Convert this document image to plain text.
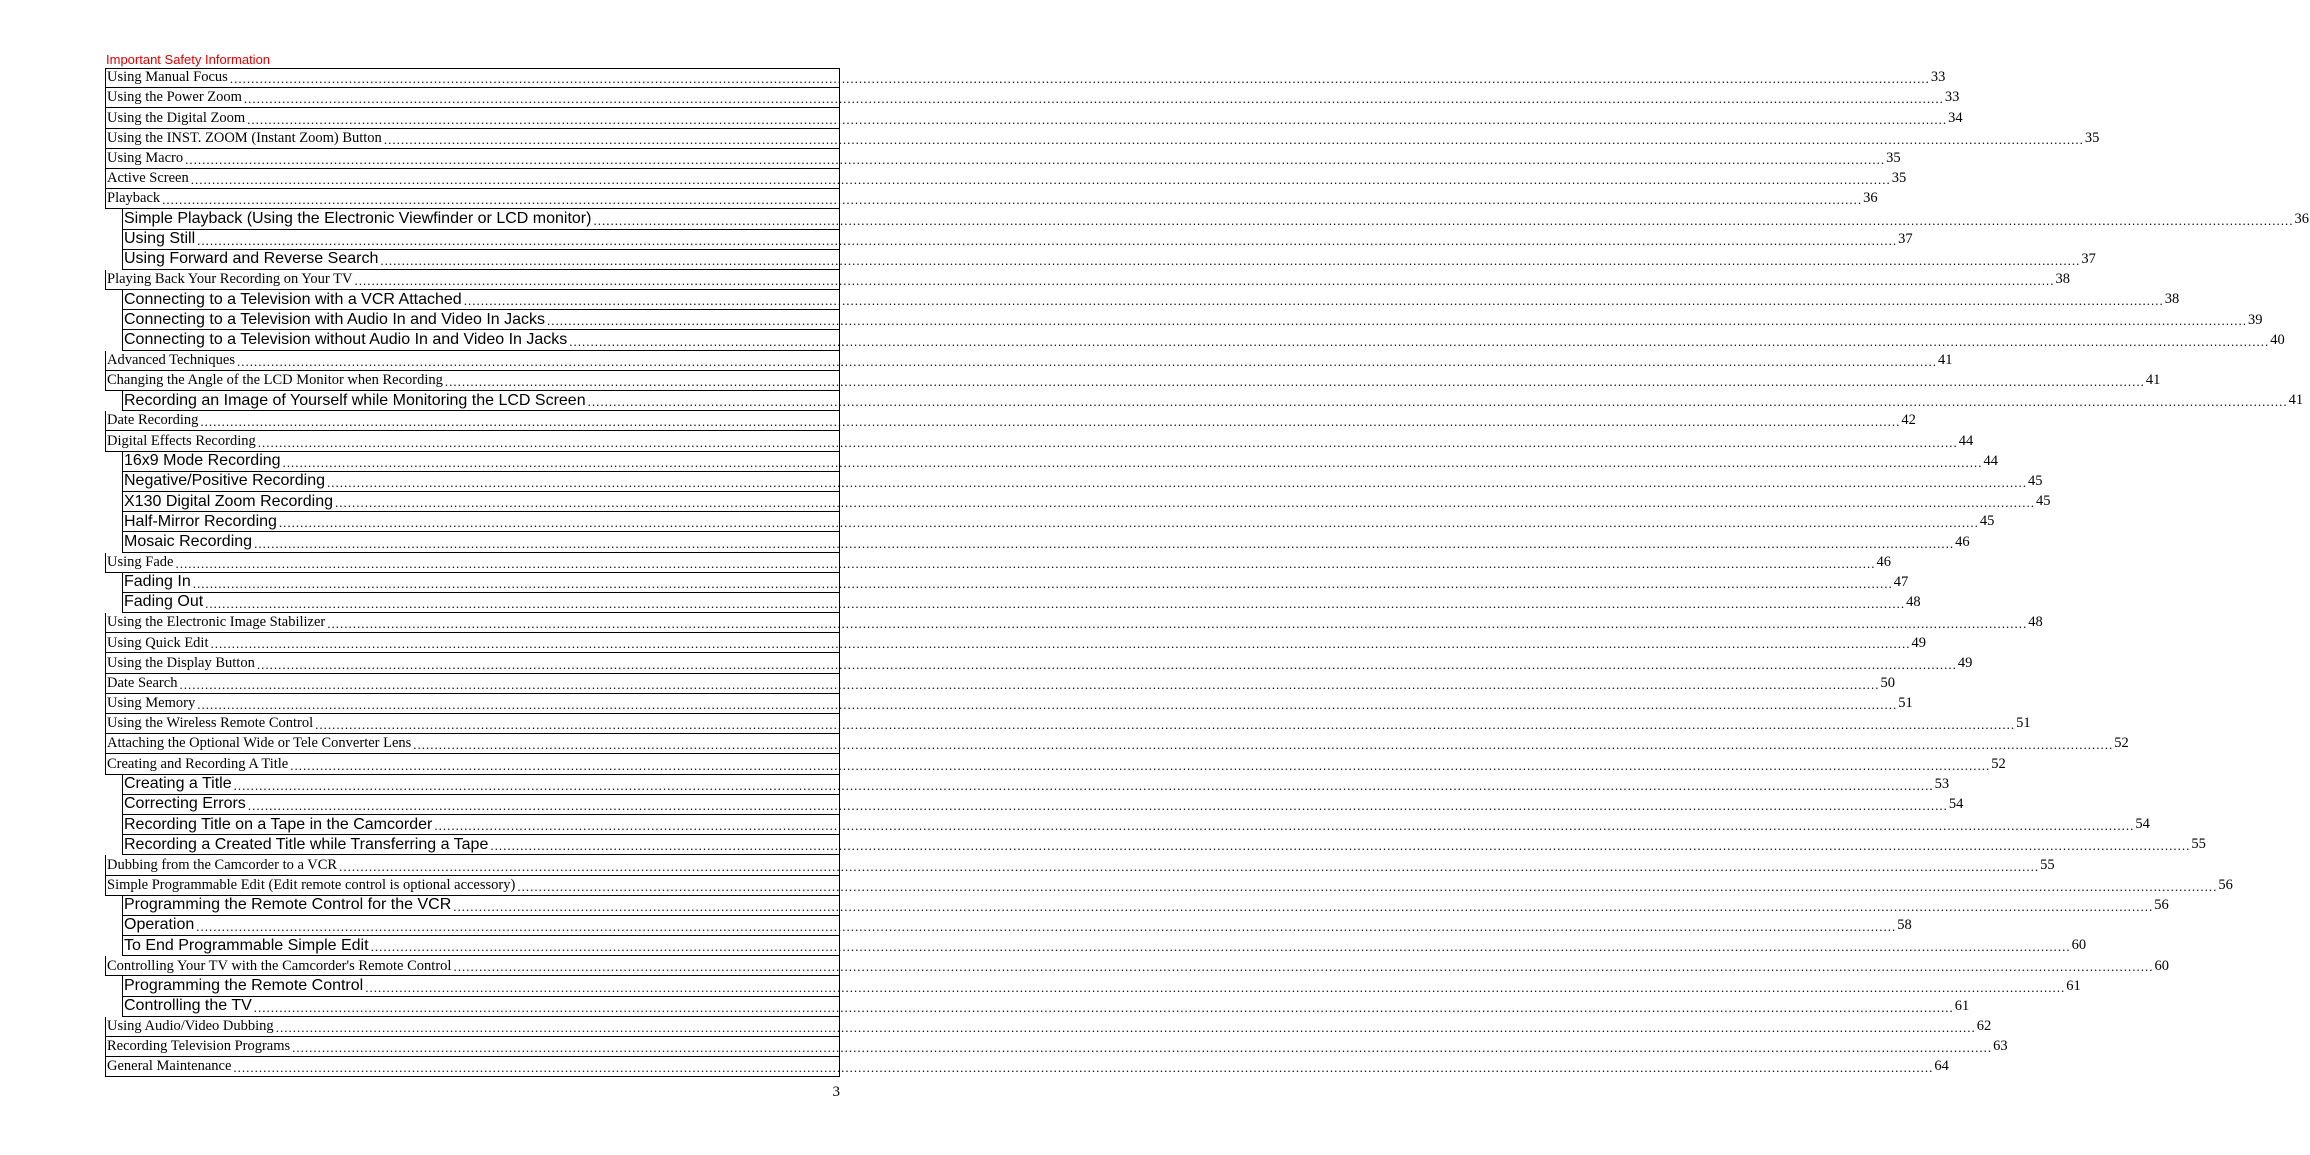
Important Safety Information
Using Manual Focus ................................................................................................................................................................................................................................................................................................................................................................................................................ 33
Using the Power Zoom ................................................................................................................................................................................................................................................................................................................................................................................................................ 33
Using the Digital Zoom ................................................................................................................................................................................................................................................................................................................................................................................................................ 34
Using the INST. ZOOM (Instant Zoom) Button ................................................................................................................................................................................................................................................................................................................................................................................................................ 35
Using Macro ................................................................................................................................................................................................................................................................................................................................................................................................................ 35
Active Screen ................................................................................................................................................................................................................................................................................................................................................................................................................ 35
Playback ................................................................................................................................................................................................................................................................................................................................................................................................................ 36
Simple Playback (Using the Electronic Viewfinder or LCD monitor) ................................................................................................................................................................................................................................................................................................................................................................................................................ 36
Using Still ................................................................................................................................................................................................................................................................................................................................................................................................................ 37
Using Forward and Reverse Search ................................................................................................................................................................................................................................................................................................................................................................................................................ 37
Playing Back Your Recording on Your TV ................................................................................................................................................................................................................................................................................................................................................................................................................ 38
Connecting to a Television with a VCR Attached ................................................................................................................................................................................................................................................................................................................................................................................................................ 38
Connecting to a Television with Audio In and Video In Jacks ................................................................................................................................................................................................................................................................................................................................................................................................................ 39
Connecting to a Television without Audio In and Video In Jacks ................................................................................................................................................................................................................................................................................................................................................................................................................ 40
Advanced Techniques ................................................................................................................................................................................................................................................................................................................................................................................................................ 41
Changing the Angle of the LCD Monitor when Recording ................................................................................................................................................................................................................................................................................................................................................................................................................ 41
Recording an Image of Yourself while Monitoring the LCD Screen ................................................................................................................................................................................................................................................................................................................................................................................................................ 41
Date Recording ................................................................................................................................................................................................................................................................................................................................................................................................................ 42
Digital Effects Recording ................................................................................................................................................................................................................................................................................................................................................................................................................ 44
16x9 Mode Recording ................................................................................................................................................................................................................................................................................................................................................................................................................ 44
Negative/Positive Recording ................................................................................................................................................................................................................................................................................................................................................................................................................ 45
X130 Digital Zoom Recording ................................................................................................................................................................................................................................................................................................................................................................................................................ 45
Half-Mirror Recording ................................................................................................................................................................................................................................................................................................................................................................................................................ 45
Mosaic Recording ................................................................................................................................................................................................................................................................................................................................................................................................................ 46
Using Fade ................................................................................................................................................................................................................................................................................................................................................................................................................ 46
Fading In ................................................................................................................................................................................................................................................................................................................................................................................................................ 47
Fading Out ................................................................................................................................................................................................................................................................................................................................................................................................................ 48
Using the Electronic Image Stabilizer ................................................................................................................................................................................................................................................................................................................................................................................................................ 48
Using Quick Edit ................................................................................................................................................................................................................................................................................................................................................................................................................ 49
Using the Display Button ................................................................................................................................................................................................................................................................................................................................................................................................................ 49
Date Search ................................................................................................................................................................................................................................................................................................................................................................................................................ 50
Using Memory ................................................................................................................................................................................................................................................................................................................................................................................................................ 51
Using the Wireless Remote Control ................................................................................................................................................................................................................................................................................................................................................................................................................ 51
Attaching the Optional Wide or Tele Converter Lens ................................................................................................................................................................................................................................................................................................................................................................................................................ 52
Creating and Recording A Title ................................................................................................................................................................................................................................................................................................................................................................................................................ 52
Creating a Title ................................................................................................................................................................................................................................................................................................................................................................................................................ 53
Correcting Errors ................................................................................................................................................................................................................................................................................................................................................................................................................ 54
Recording Title on a Tape in the Camcorder ................................................................................................................................................................................................................................................................................................................................................................................................................ 54
Recording a Created Title while Transferring a Tape ................................................................................................................................................................................................................................................................................................................................................................................................................ 55
Dubbing from the Camcorder to a VCR ................................................................................................................................................................................................................................................................................................................................................................................................................ 55
Simple Programmable Edit (Edit remote control is optional accessory) ................................................................................................................................................................................................................................................................................................................................................................................................................ 56
Programming the Remote Control for the VCR ................................................................................................................................................................................................................................................................................................................................................................................................................ 56
Operation ................................................................................................................................................................................................................................................................................................................................................................................................................ 58
To End Programmable Simple Edit ................................................................................................................................................................................................................................................................................................................................................................................................................ 60
Controlling Your TV with the Camcorder's Remote Control ................................................................................................................................................................................................................................................................................................................................................................................................................ 60
Programming the Remote Control ................................................................................................................................................................................................................................................................................................................................................................................................................ 61
Controlling the TV ................................................................................................................................................................................................................................................................................................................................................................................................................ 61
Using Audio/Video Dubbing ................................................................................................................................................................................................................................................................................................................................................................................................................ 62
Recording Television Programs ................................................................................................................................................................................................................................................................................................................................................................................................................ 63
General Maintenance ................................................................................................................................................................................................................................................................................................................................................................................................................ 64
3
